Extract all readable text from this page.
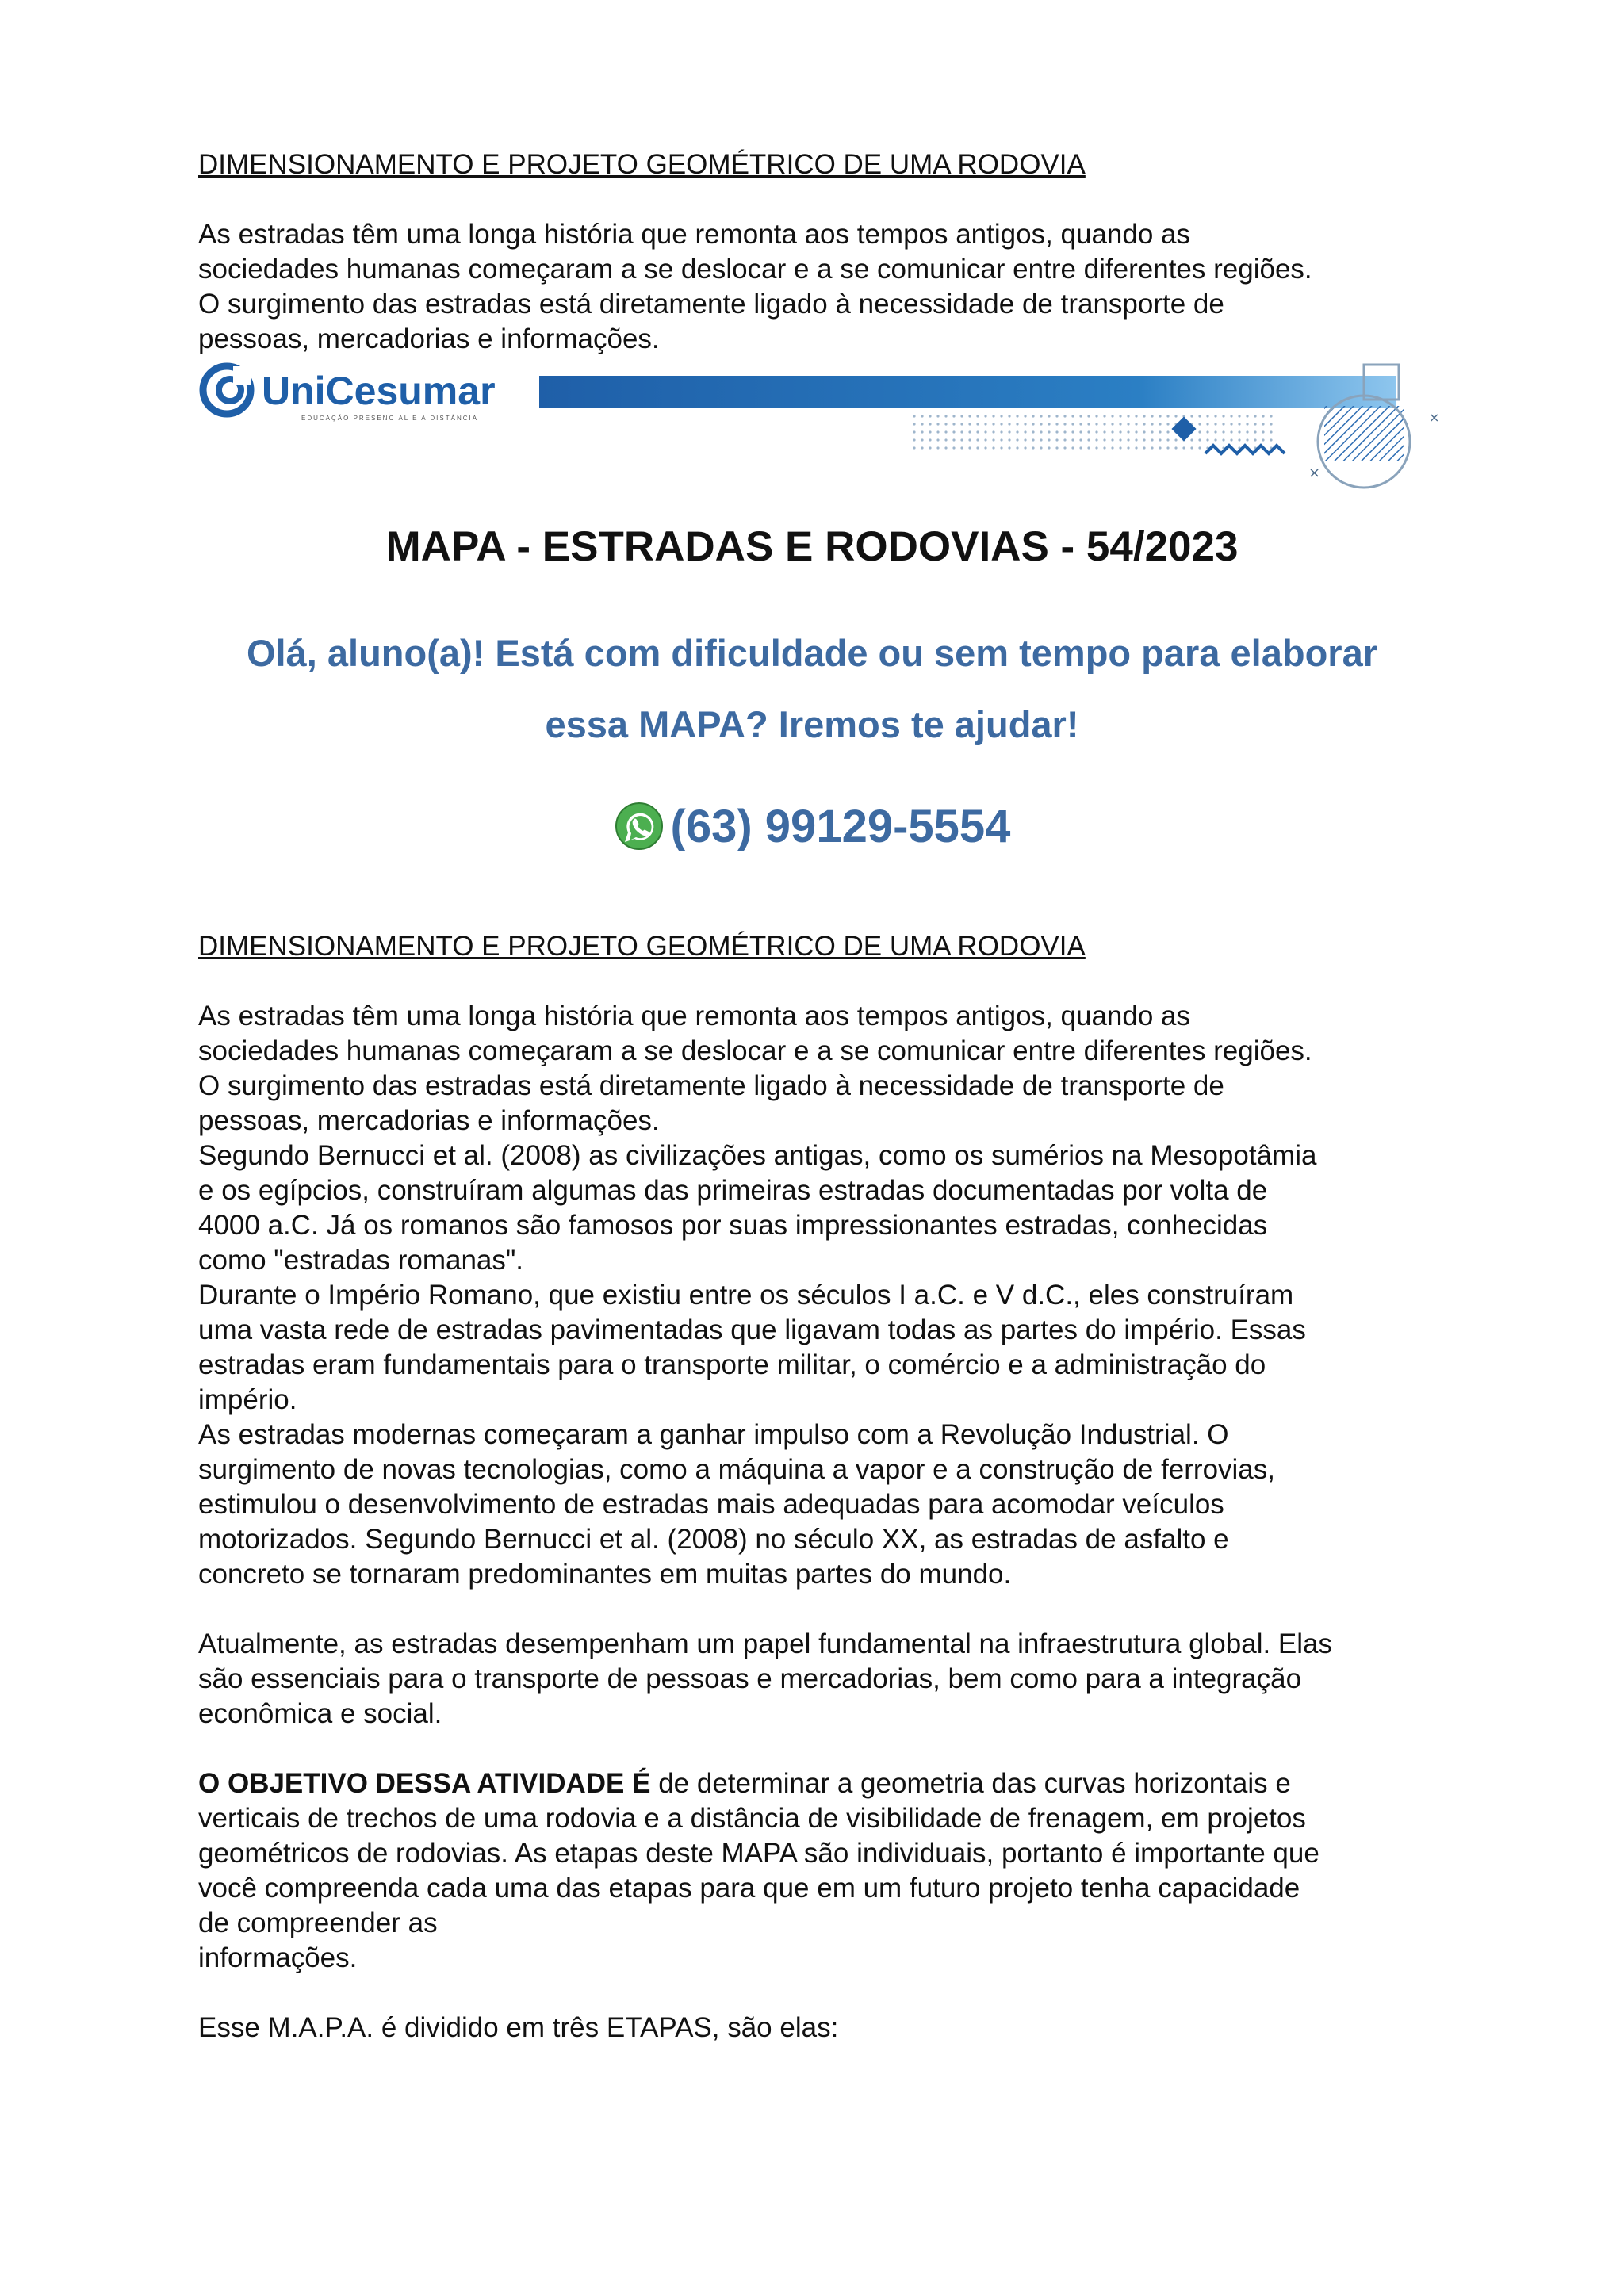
DIMENSIONAMENTO E PROJETO GEOMÉTRICO DE UMA RODOVIA

As estradas têm uma longa história que remonta aos tempos antigos, quando as

sociedades humanas começaram a se deslocar e a se comunicar entre diferentes regiões.

O surgimento das estradas está diretamente ligado à necessidade de transporte de

pessoas, mercadorias e informações.

UniCesumar
EDUCAÇÃO PRESENCIAL E A DISTÂNCIA
×
×
MAPA - ESTRADAS E RODOVIAS - 54/2023
Olá, aluno(a)! Está com dificuldade ou sem tempo para elaborar
essa MAPA? Iremos te ajudar!
(63) 99129-5554

DIMENSIONAMENTO E PROJETO GEOMÉTRICO DE UMA RODOVIA

As estradas têm uma longa história que remonta aos tempos antigos, quando as

sociedades humanas começaram a se deslocar e a se comunicar entre diferentes regiões.

O surgimento das estradas está diretamente ligado à necessidade de transporte de

pessoas, mercadorias e informações.

Segundo Bernucci et al. (2008) as civilizações antigas, como os sumérios na Mesopotâmia

e os egípcios, construíram algumas das primeiras estradas documentadas por volta de

4000 a.C. Já os romanos são famosos por suas impressionantes estradas, conhecidas

como "estradas romanas".

Durante o Império Romano, que existiu entre os séculos I a.C. e V d.C., eles construíram

uma vasta rede de estradas pavimentadas que ligavam todas as partes do império. Essas

estradas eram fundamentais para o transporte militar, o comércio e a administração do

império.

As estradas modernas começaram a ganhar impulso com a Revolução Industrial. O

surgimento de novas tecnologias, como a máquina a vapor e a construção de ferrovias,

estimulou o desenvolvimento de estradas mais adequadas para acomodar veículos

motorizados. Segundo Bernucci et al. (2008) no século XX, as estradas de asfalto e

concreto se tornaram predominantes em muitas partes do mundo.

Atualmente, as estradas desempenham um papel fundamental na infraestrutura global. Elas

são essenciais para o transporte de pessoas e mercadorias, bem como para a integração

econômica e social.

O OBJETIVO DESSA ATIVIDADE É de determinar a geometria das curvas horizontais e

verticais de trechos de uma rodovia e a distância de visibilidade de frenagem, em projetos

geométricos de rodovias. As etapas deste MAPA são individuais, portanto é importante que

você compreenda cada uma das etapas para que em um futuro projeto tenha capacidade

de compreender as

informações.

Esse M.A.P.A. é dividido em três ETAPAS, são elas:
